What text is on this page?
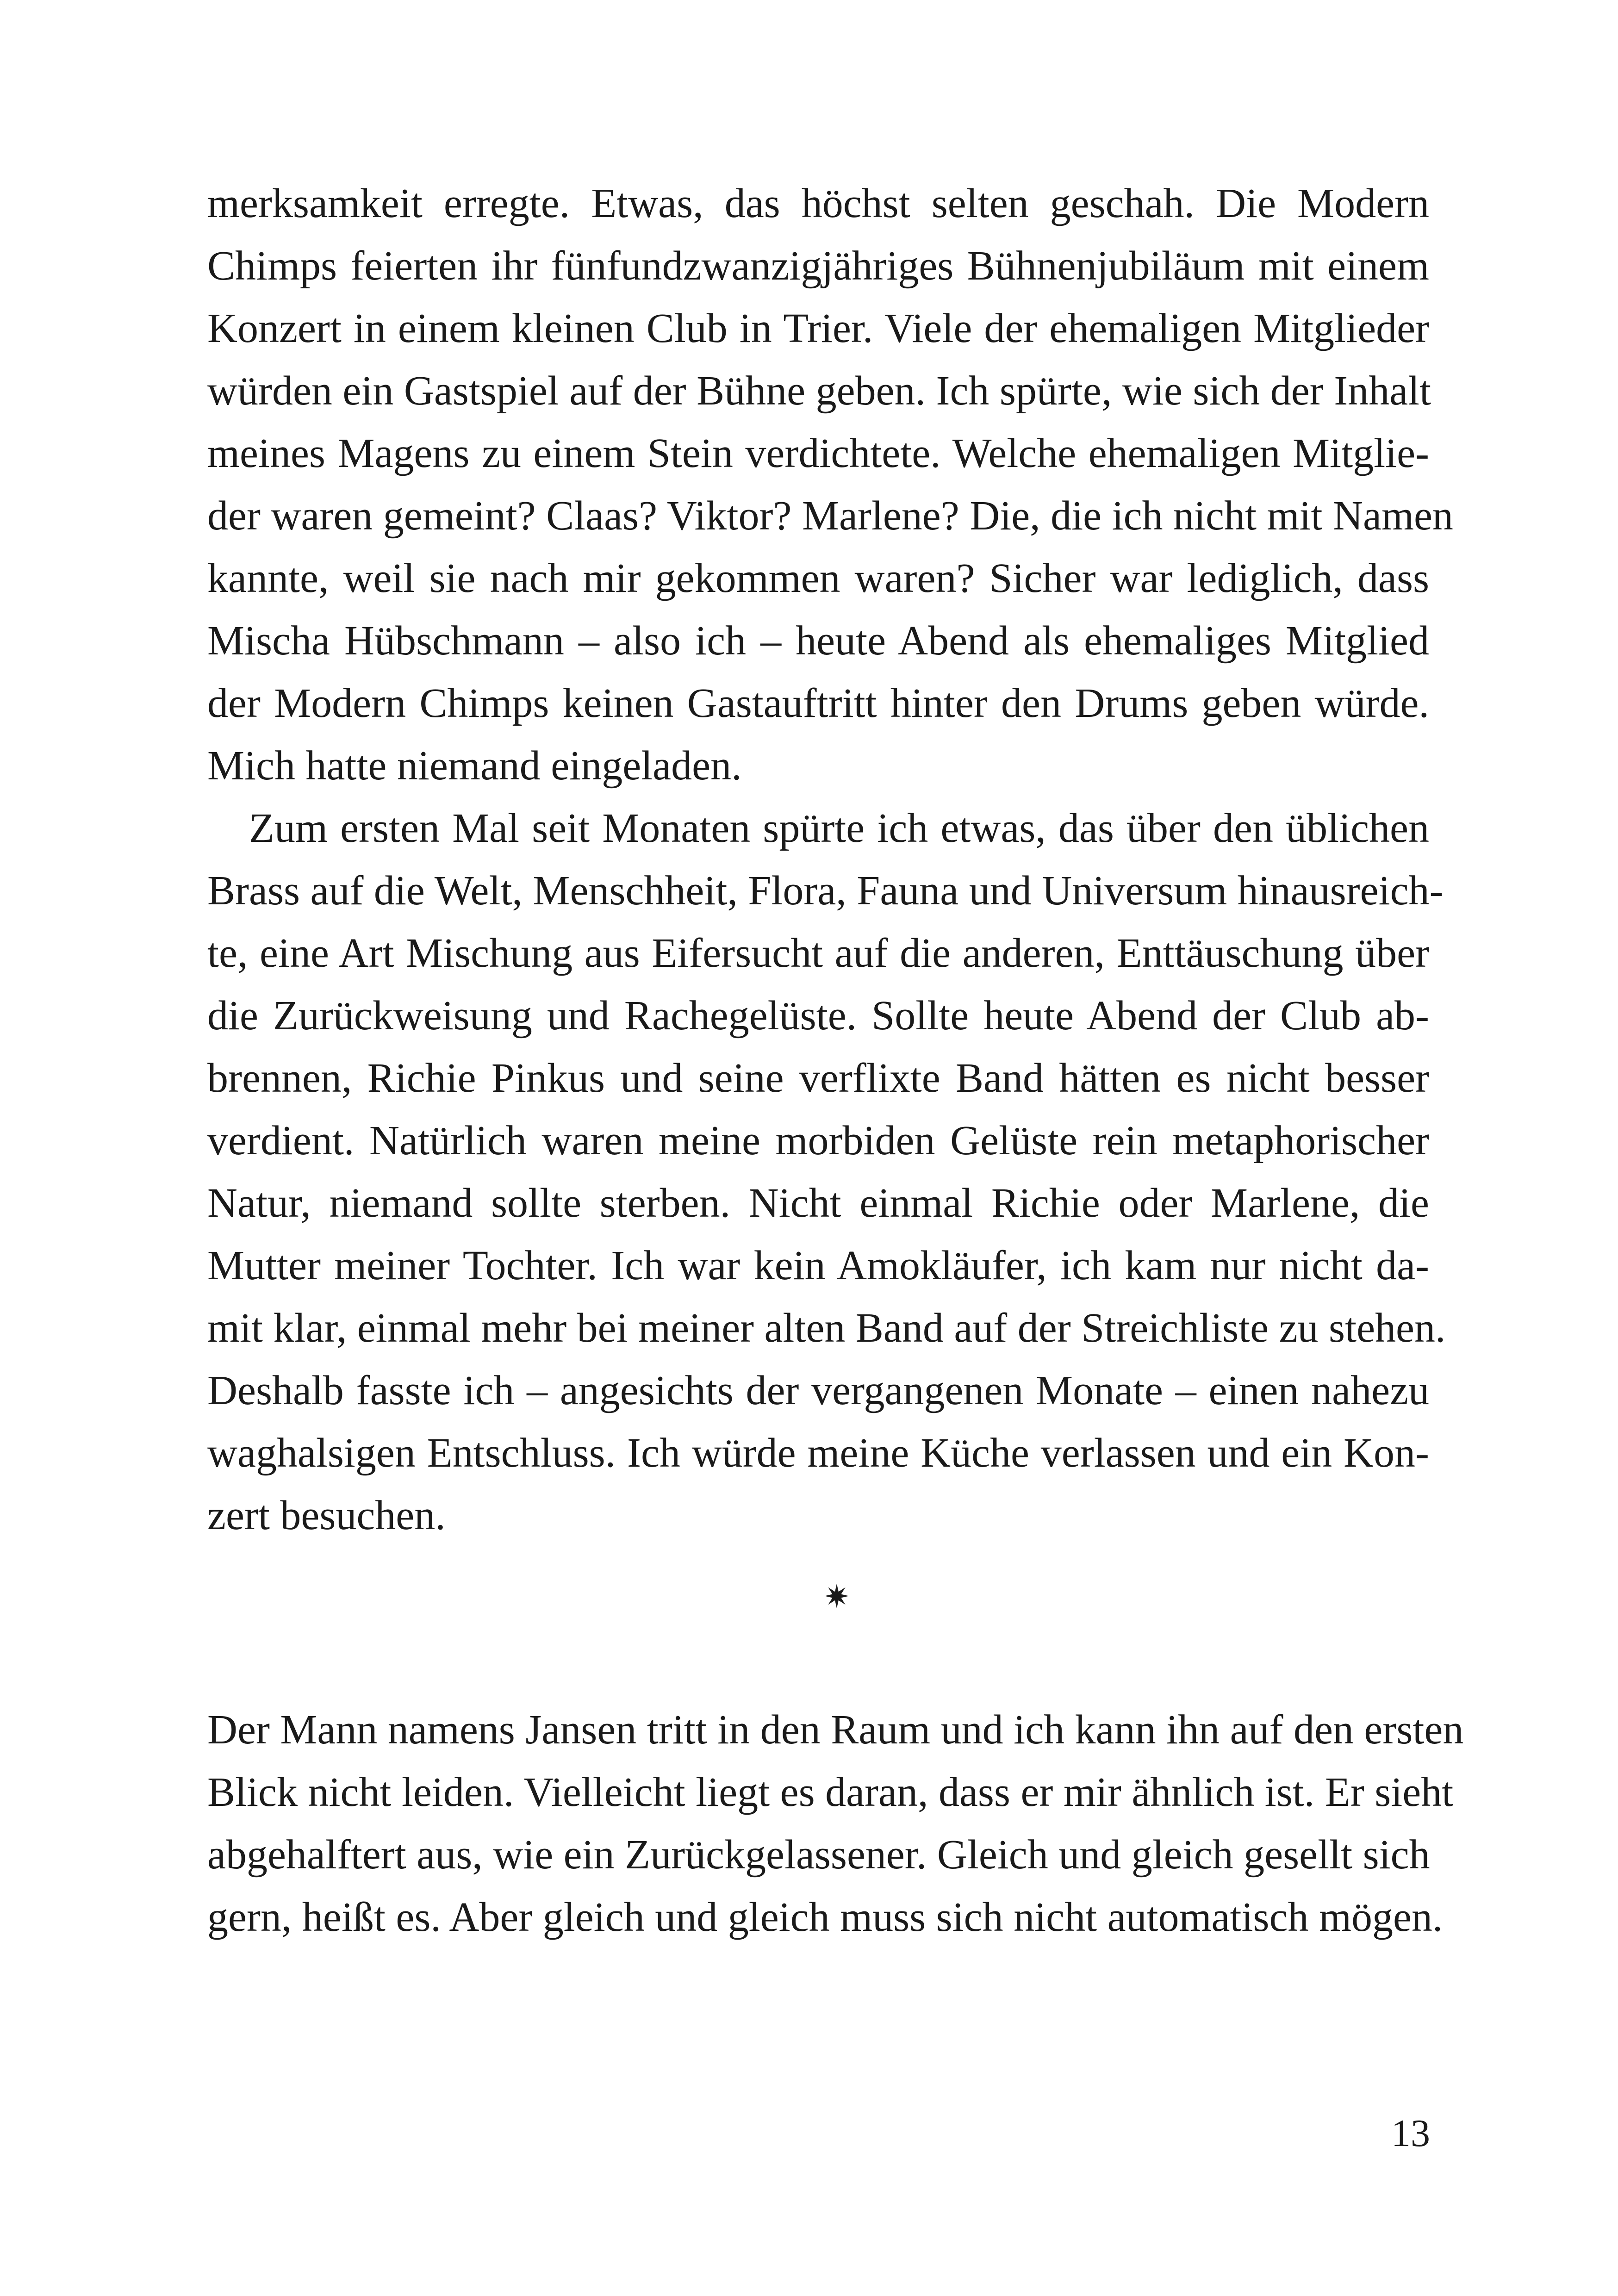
merksamkeit erregte. Etwas, das höchst selten geschah. Die Modern
Chimps feierten ihr fünfundzwanzigjähriges Bühnenjubiläum mit einem
Konzert in einem kleinen Club in Trier. Viele der ehemaligen Mitglieder
würden ein Gastspiel auf der Bühne geben. Ich spürte, wie sich der Inhalt
meines Magens zu einem Stein verdichtete. Welche ehemaligen Mitglie-
der waren gemeint? Claas? Viktor? Marlene? Die, die ich nicht mit Namen
kannte, weil sie nach mir gekommen waren? Sicher war lediglich, dass
Mischa Hübschmann – also ich – heute Abend als ehemaliges Mitglied
der Modern Chimps keinen Gastauftritt hinter den Drums geben würde.
Mich hatte niemand eingeladen.

Zum ersten Mal seit Monaten spürte ich etwas, das über den üblichen
Brass auf die Welt, Menschheit, Flora, Fauna und Universum hinausreich-
te, eine Art Mischung aus Eifersucht auf die anderen, Enttäuschung über
die Zurückweisung und Rachegelüste. Sollte heute Abend der Club ab-
brennen, Richie Pinkus und seine verflixte Band hätten es nicht besser
verdient. Natürlich waren meine morbiden Gelüste rein metaphorischer
Natur, niemand sollte sterben. Nicht einmal Richie oder Marlene, die
Mutter meiner Tochter. Ich war kein Amokläufer, ich kam nur nicht da-
mit klar, einmal mehr bei meiner alten Band auf der Streichliste zu stehen.
Deshalb fasste ich – angesichts der vergangenen Monate – einen nahezu
waghalsigen Entschluss. Ich würde meine Küche verlassen und ein Kon-
zert besuchen.

✷

Der Mann namens Jansen tritt in den Raum und ich kann ihn auf den ersten
Blick nicht leiden. Vielleicht liegt es daran, dass er mir ähnlich ist. Er sieht
abgehalftert aus, wie ein Zurückgelassener. Gleich und gleich gesellt sich
gern, heißt es. Aber gleich und gleich muss sich nicht automatisch mögen.

13
